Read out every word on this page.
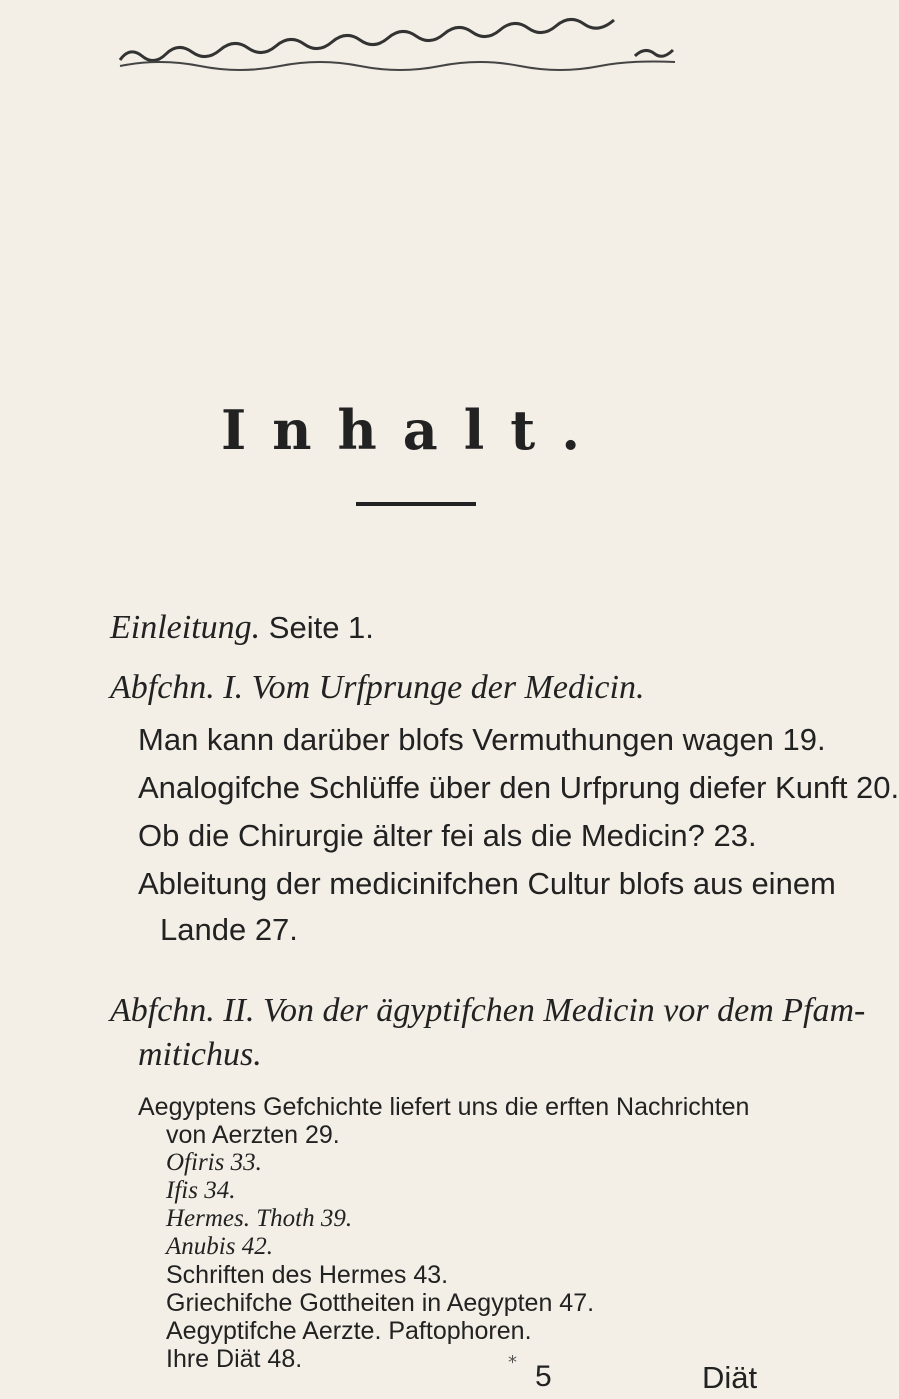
Inhalt.
Einleitung. Seite 1.
Abfchn. I. Vom Urfprunge der Medicin.
Man kann darüber blofs Vermuthungen wagen 19.
Analogifche Schlüffe über den Urfprung diefer Kunft 20.
Ob die Chirurgie älter fei als die Medicin? 23.
Ableitung der medicinifchen Cultur blofs aus einem
Lande 27.
Abfchn. II. Von der ägyptifchen Medicin vor dem Pfam-
mitichus.
Aegyptens Gefchichte liefert uns die erften Nachrichten
von Aerzten 29.
Ofiris 33.
Ifis 34.
Hermes. Thoth 39.
Anubis 42.
* 5	Diät
Schriften des Hermes 43.
Griechifche Gottheiten in Aegypten 47.
Aegyptifche Aerzte. Paftophoren.
Ihre Diät 48.
